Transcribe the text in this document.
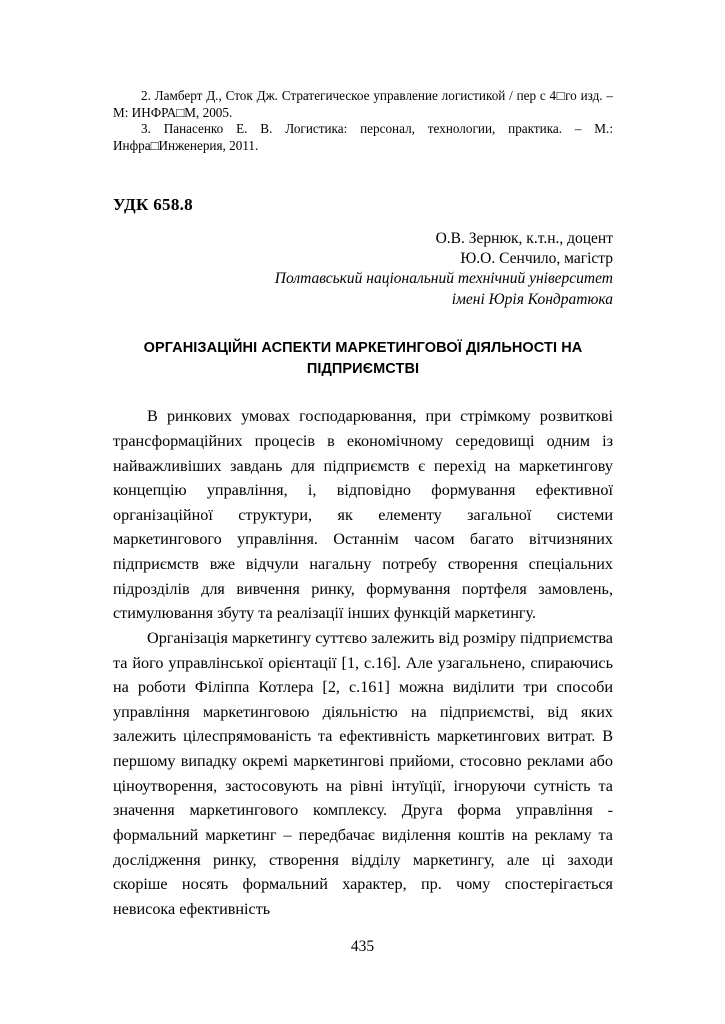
2. Ламберт Д., Сток Дж. Стратегическое управление логистикой / пер с 4□го изд. – М: ИНФРА□М, 2005.

3. Панасенко Е. В. Логистика: персонал, технологии, практика. – М.: Инфра□Инженерия, 2011.

УДК 658.8
О.В. Зернюк, к.т.н., доцент
Ю.О. Сенчило, магістр
Полтавський національний технічний університет
імені Юрія Кондратюка
ОРГАНІЗАЦІЙНІ АСПЕКТИ МАРКЕТИНГОВОЇ ДІЯЛЬНОСТІ НА ПІДПРИЄМСТВІ

В ринкових умовах господарювання, при стрімкому розвиткові трансформаційних процесів в економічному середовищі одним із найважливіших завдань для підприємств є переxід на маркетингову концепцію управління, і, відповідно формування ефективної організаційної структури, як елементу загальної системи маркетингового управління. Останнім часом багато вітчизняних підприємств вже відчули нагальну потребу створення спеціальних підрозділів для вивчення ринку, формування портфеля замовлень, стимулювання збуту та реалізації інших функцій маркетингу.

Організація маркетингу суттєво залежить від розміру підприємства та його управлінської орієнтації [1, с.16]. Але узагальнено, спираючись на роботи Філіппа Котлера [2, с.161] можна виділити три способи управління маркетинговою діяльністю на підприємстві, від яких залежить цілеспрямованість та ефективність маркетингових витрат. В першому випадку окремі маркетингові прийоми, стосовно реклами або ціноутворення, застосовують на рівні інтуїції, ігноруючи сутність та значення маркетингового комплексу. Друга форма управління - формальний маркетинг – передбачає виділення коштів на рекламу та дослідження ринку, створення відділу маркетингу, але ці заходи скоріше носять формальний характер, пр. чому спостерігається невисока ефективність

435
